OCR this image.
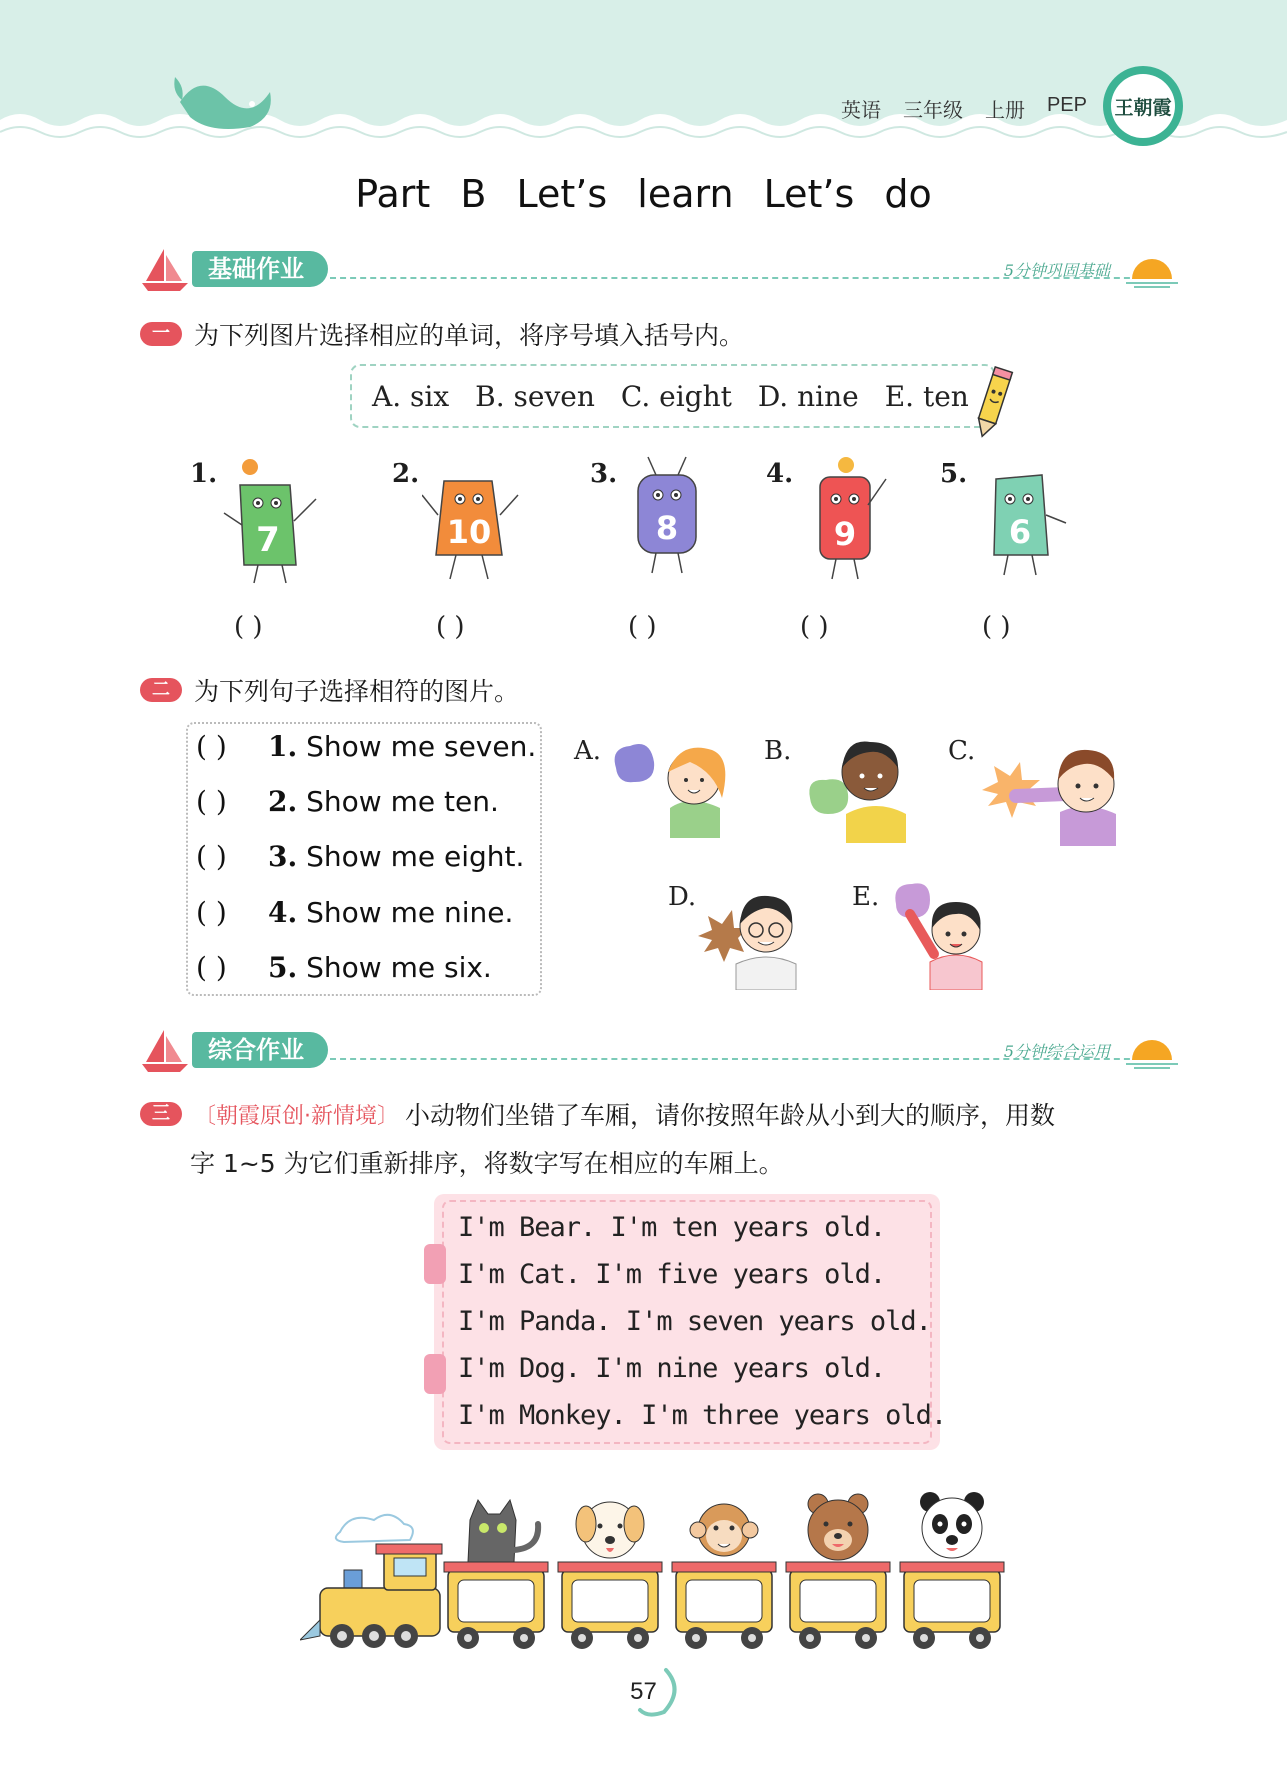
英语 三年级 上册 PEP 王朝霞
Part B Let’s learn Let’s do
基础作业	5分钟巩固基础
一 为下列图片选择相应的单词，将序号填入括号内。
A. six B. seven C. eight D. nine E. ten
1.
7
2.
10
3.
8
4.
9
5.
6
( )	( )	( )	( )	( )
二 为下列句子选择相符的图片。
( ) 1. Show me seven.
( ) 2. Show me ten.
( ) 3. Show me eight.
( ) 4. Show me nine.
( ) 5. Show me six.
A.	B.	C.
D.	E.
综合作业	5分钟综合运用
三	〔朝霞原创·新情境〕 小动物们坐错了车厢，请你按照年龄从小到大的顺序，用数
字 1~5 为它们重新排序，将数字写在相应的车厢上。
I'm Bear. I'm ten years old.
I'm Cat. I'm five years old.
I'm Panda. I'm seven years old.
I'm Dog. I'm nine years old.
I'm Monkey. I'm three years old.
57
